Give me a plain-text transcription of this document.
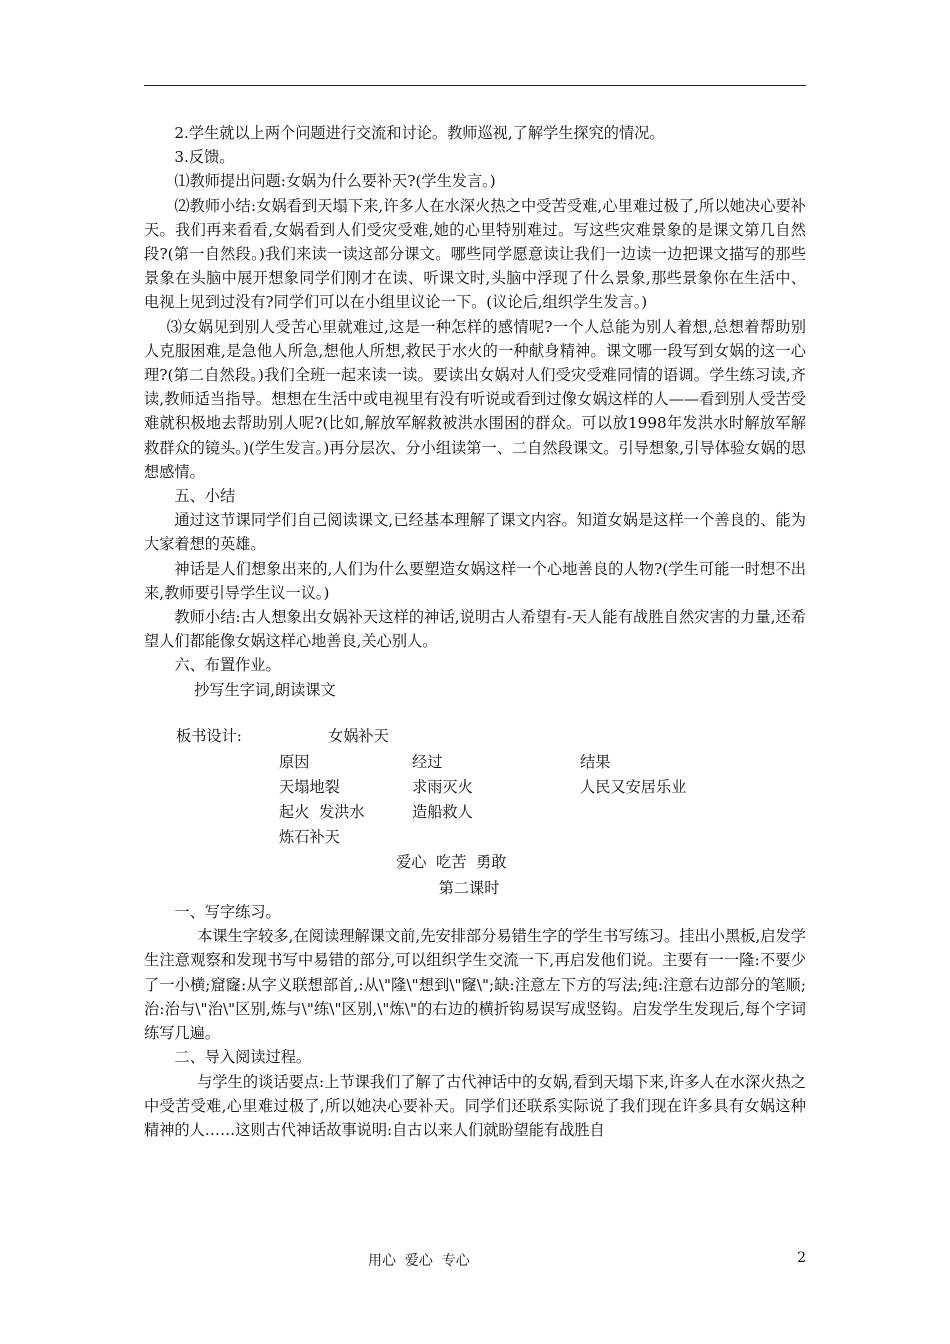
2.学生就以上两个问题进行交流和讨论。教师巡视,了解学生探究的情况。

3.反馈。

⑴教师提出问题:女娲为什么要补天?(学生发言。)

⑵教师小结:女娲看到天塌下来,许多人在水深火热之中受苦受难,心里难过极了,所以她决心要补天。我们再来看看,女娲看到人们受灾受难,她的心里特别难过。写这些灾难景象的是课文第几自然段?(第一自然段。)我们来读一读这部分课文。哪些同学愿意读让我们一边读一边把课文描写的那些景象在头脑中展开想象同学们刚才在读、听课文时,头脑中浮现了什么景象,那些景象你在生活中、电视上见到过没有?同学们可以在小组里议论一下。(议论后,组织学生发言。)

⑶女娲见到别人受苦心里就难过,这是一种怎样的感情呢?一个人总能为别人着想,总想着帮助别人克服困难,是急他人所急,想他人所想,救民于水火的一种献身精神。课文哪一段写到女娲的这一心理?(第二自然段。)我们全班一起来读一读。要读出女娲对人们受灾受难同情的语调。学生练习读,齐读,教师适当指导。想想在生活中或电视里有没有听说或看到过像女娲这样的人——看到别人受苦受难就积极地去帮助别人呢?(比如,解放军解救被洪水围困的群众。可以放1998年发洪水时解放军解救群众的镜头。)(学生发言。)再分层次、分小组读第一、二自然段课文。引导想象,引导体验女娲的思想感情。

五、小结

通过这节课同学们自己阅读课文,已经基本理解了课文内容。知道女娲是这样一个善良的、能为大家着想的英雄。

神话是人们想象出来的,人们为什么要塑造女娲这样一个心地善良的人物?(学生可能一时想不出来,教师要引导学生议一议。)

教师小结:古人想象出女娲补天这样的神话,说明古人希望有-天人能有战胜自然灾害的力量,还希望人们都能像女娲这样心地善良,关心别人。

六、布置作业。

抄写生字词,朗读课文

板书设计:	女娲补天
原因	经过	结果
天塌地裂	求雨灭火	人民又安居乐业
起火  发洪水	造船救人
炼石补天
爱心  吃苦  勇敢

第二课时

一、写字练习。

本课生字较多,在阅读理解课文前,先安排部分易错生字的学生书写练习。挂出小黑板,启发学生注意观察和发现书写中易错的部分,可以组织学生交流一下,再启发他们说。主要有一一隆:不要少了一小横;窟窿:从字义联想部首,:从\"隆\"想到\"窿\";缺:注意左下方的写法;纯:注意右边部分的笔顺;治:治与\"治\"区别,炼与\"练\"区别,\"炼\"的右边的横折钩易误写成竖钩。启发学生发现后,每个字词练写几遍。

二、导入阅读过程。

与学生的谈话要点:上节课我们了解了古代神话中的女娲,看到天塌下来,许多人在水深火热之中受苦受难,心里难过极了,所以她决心要补天。同学们还联系实际说了我们现在许多具有女娲这种精神的人……这则古代神话故事说明:自古以来人们就盼望能有战胜自

用心  爱心  专心	2
